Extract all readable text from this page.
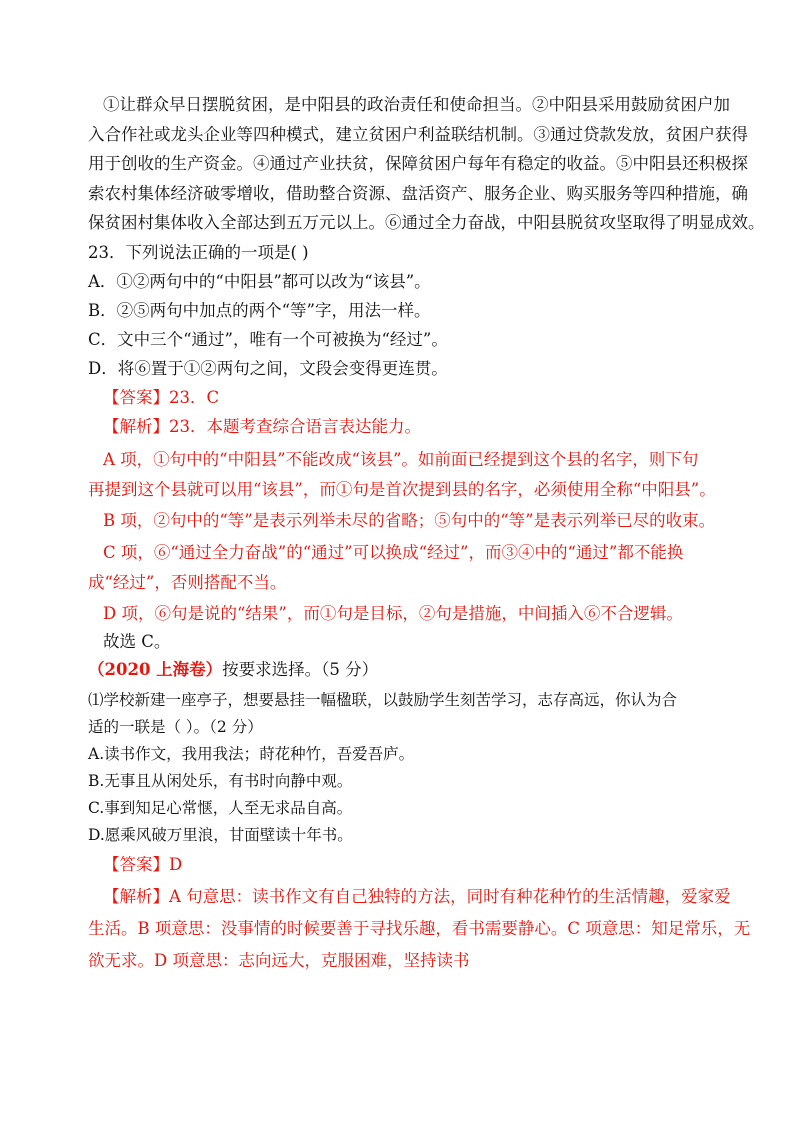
①让群众早日摆脱贫困，是中阳县的政治责任和使命担当。②中阳县采用鼓励贫困户加
入合作社或龙头企业等四种模式，建立贫困户利益联结机制。③通过贷款发放，贫困户获得
用于创收的生产资金。④通过产业扶贫，保障贫困户每年有稳定的收益。⑤中阳县还积极探
索农村集体经济破零增收，借助整合资源、盘活资产、服务企业、购买服务等四种措施，确
保贫困村集体收入全部达到五万元以上。⑥通过全力奋战，中阳县脱贫攻坚取得了明显成效。
23．下列说法正确的一项是( )
A．①②两句中的“中阳县”都可以改为“该县”。
B．②⑤两句中加点的两个“等”字，用法一样。
C．文中三个“通过”，唯有一个可被换为“经过”。
D．将⑥置于①②两句之间，文段会变得更连贯。
【答案】23．C
【解析】23．本题考查综合语言表达能力。
A 项，①句中的“中阳县”不能改成“该县”。如前面已经提到这个县的名字，则下句
再提到这个县就可以用“该县”，而①句是首次提到县的名字，必须使用全称“中阳县”。
B 项，②句中的“等”是表示列举未尽的省略；⑤句中的“等”是表示列举已尽的收束。
C 项，⑥“通过全力奋战”的“通过”可以换成“经过”，而③④中的“通过”都不能换
成“经过”，否则搭配不当。
D 项，⑥句是说的“结果”，而①句是目标，②句是措施，中间插入⑥不合逻辑。
故选 C。
（2020 上海卷）按要求选择。（5 分）
⑴学校新建一座亭子，想要悬挂一幅楹联，以鼓励学生刻苦学习，志存高远，你认为合
适的一联是（ ）。（2 分）
A.读书作文，我用我法；莳花种竹，吾爱吾庐。
B.无事且从闲处乐，有书时向静中观。
C.事到知足心常惬，人至无求品自高。
D.愿乘风破万里浪，甘面壁读十年书。
【答案】D
【解析】A 句意思：读书作文有自己独特的方法，同时有种花种竹的生活情趣，爱家爱
生活。B 项意思：没事情的时候要善于寻找乐趣，看书需要静心。C 项意思：知足常乐，无
欲无求。D 项意思：志向远大，克服困难，坚持读书
